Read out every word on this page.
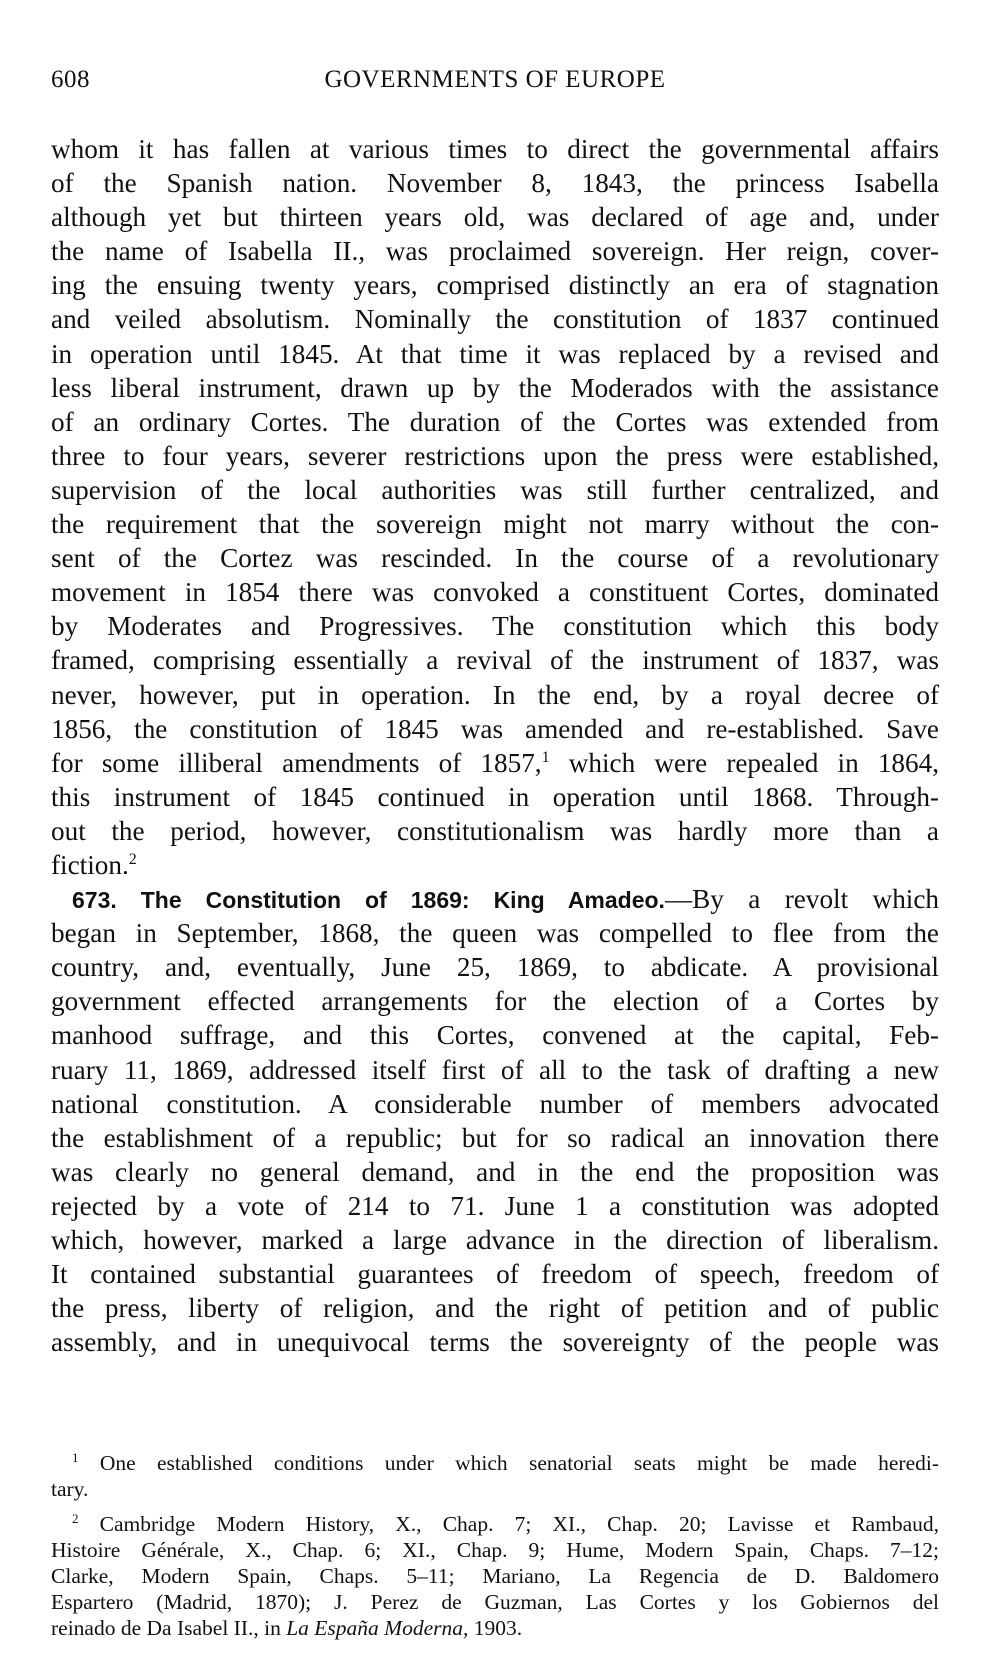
608	GOVERNMENTS OF EUROPE
whom it has fallen at various times to direct the governmental affairs
of the Spanish nation. November 8, 1843, the princess Isabella
although yet but thirteen years old, was declared of age and, under
the name of Isabella II., was proclaimed sovereign. Her reign, cover-
ing the ensuing twenty years, comprised distinctly an era of stagnation
and veiled absolutism. Nominally the constitution of 1837 continued
in operation until 1845. At that time it was replaced by a revised and
less liberal instrument, drawn up by the Moderados with the assistance
of an ordinary Cortes. The duration of the Cortes was extended from
three to four years, severer restrictions upon the press were established,
supervision of the local authorities was still further centralized, and
the requirement that the sovereign might not marry without the con-
sent of the Cortez was rescinded. In the course of a revolutionary
movement in 1854 there was convoked a constituent Cortes, dominated
by Moderates and Progressives. The constitution which this body
framed, comprising essentially a revival of the instrument of 1837, was
never, however, put in operation. In the end, by a royal decree of
1856, the constitution of 1845 was amended and re-established. Save
for some illiberal amendments of 1857,$^1$ which were repealed in 1864,
this instrument of 1845 continued in operation until 1868. Through-
out the period, however, constitutionalism was hardly more than a
fiction.$^2$
673. The Constitution of 1869: King Amadeo.—By a revolt which
began in September, 1868, the queen was compelled to flee from the
country, and, eventually, June 25, 1869, to abdicate. A provisional
government effected arrangements for the election of a Cortes by
manhood suffrage, and this Cortes, convened at the capital, Feb-
ruary 11, 1869, addressed itself first of all to the task of drafting a new
national constitution. A considerable number of members advocated
the establishment of a republic; but for so radical an innovation there
was clearly no general demand, and in the end the proposition was
rejected by a vote of 214 to 71. June 1 a constitution was adopted
which, however, marked a large advance in the direction of liberalism.
It contained substantial guarantees of freedom of speech, freedom of
the press, liberty of religion, and the right of petition and of public
assembly, and in unequivocal terms the sovereignty of the people was
$^1$ One established conditions under which senatorial seats might be made heredi-
tary.
$^2$ Cambridge Modern History, X., Chap. 7; XI., Chap. 20; Lavisse et Rambaud,
Histoire Générale, X., Chap. 6; XI., Chap. 9; Hume, Modern Spain, Chaps. 7–12;
Clarke, Modern Spain, Chaps. 5–11; Mariano, La Regencia de D. Baldomero
Espartero (Madrid, 1870); J. Perez de Guzman, Las Cortes y los Gobiernos del
reinado de Da Isabel II., in La España Moderna, 1903.
